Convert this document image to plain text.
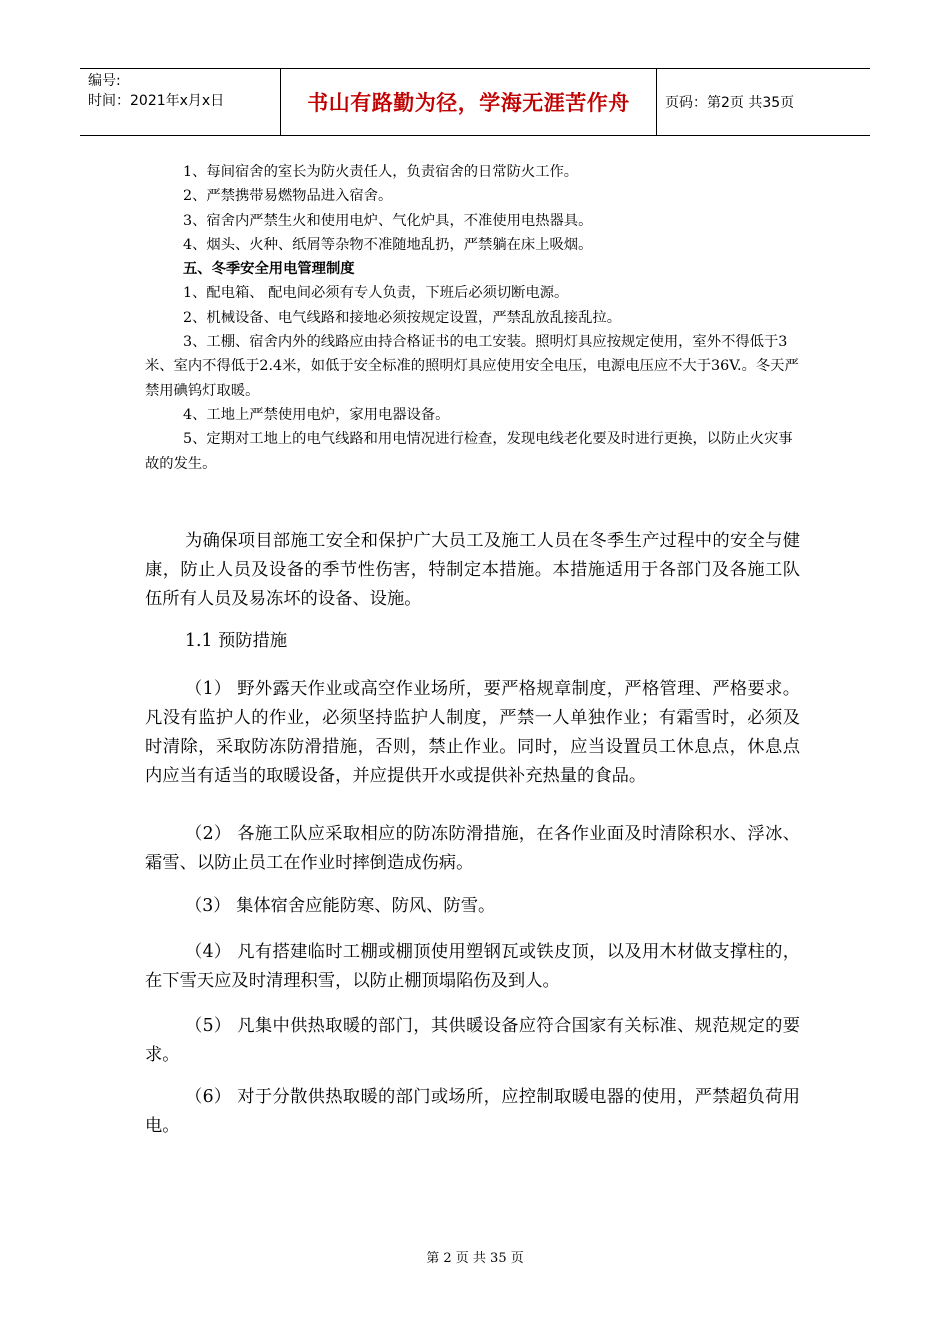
编号:
时间：2021年x月x日	书山有路勤为径，学海无涯苦作舟	页码：第2页 共35页

1、每间宿舍的室长为防火责任人，负责宿舍的日常防火工作。

2、严禁携带易燃物品进入宿舍。

3、宿舍内严禁生火和使用电炉、气化炉具，不准使用电热器具。

4、烟头、火种、纸屑等杂物不准随地乱扔，严禁躺在床上吸烟。

五、冬季安全用电管理制度

1、配电箱、 配电间必须有专人负责，下班后必须切断电源。

2、机械设备、电气线路和接地必须按规定设置，严禁乱放乱接乱拉。

3、工棚、宿舍内外的线路应由持合格证书的电工安装。照明灯具应按规定使用，室外不得低于3米、室内不得低于2.4米，如低于安全标准的照明灯具应使用安全电压，电源电压应不大于36V.。冬天严禁用碘钨灯取暖。

4、工地上严禁使用电炉，家用电器设备。

5、定期对工地上的电气线路和用电情况进行检查，发现电线老化要及时进行更换，以防止火灾事故的发生。

为确保项目部施工安全和保护广大员工及施工人员在冬季生产过程中的安全与健康，防止人员及设备的季节性伤害，特制定本措施。本措施适用于各部门及各施工队伍所有人员及易冻坏的设备、设施。

1.1 预防措施

（1） 野外露天作业或高空作业场所，要严格规章制度，严格管理、严格要求。凡没有监护人的作业，必须坚持监护人制度，严禁一人单独作业；有霜雪时，必须及时清除，采取防冻防滑措施，否则，禁止作业。同时，应当设置员工休息点，休息点内应当有适当的取暖设备，并应提供开水或提供补充热量的食品。

（2） 各施工队应采取相应的防冻防滑措施，在各作业面及时清除积水、浮冰、霜雪、以防止员工在作业时摔倒造成伤病。

（3） 集体宿舍应能防寒、防风、防雪。

（4） 凡有搭建临时工棚或棚顶使用塑钢瓦或铁皮顶，以及用木材做支撑柱的，在下雪天应及时清理积雪，以防止棚顶塌陷伤及到人。

（5） 凡集中供热取暖的部门，其供暖设备应符合国家有关标准、规范规定的要求。

（6） 对于分散供热取暖的部门或场所，应控制取暖电器的使用，严禁超负荷用电。

第 2 页 共 35 页
